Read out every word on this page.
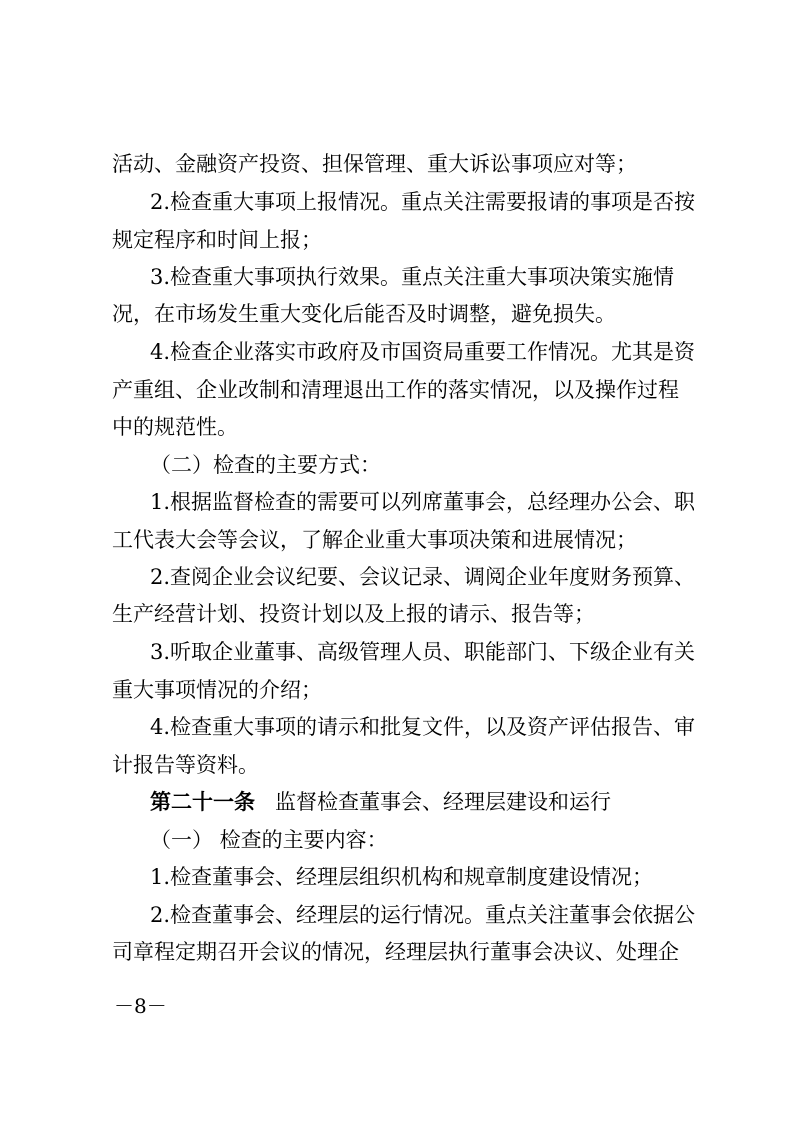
活动、金融资产投资、担保管理、重大诉讼事项应对等；
2.检查重大事项上报情况。重点关注需要报请的事项是否按
规定程序和时间上报；
3.检查重大事项执行效果。重点关注重大事项决策实施情
况，在市场发生重大变化后能否及时调整，避免损失。
4.检查企业落实市政府及市国资局重要工作情况。尤其是资
产重组、企业改制和清理退出工作的落实情况，以及操作过程
中的规范性。
（二）检查的主要方式：
1.根据监督检查的需要可以列席董事会，总经理办公会、职
工代表大会等会议，了解企业重大事项决策和进展情况；
2.查阅企业会议纪要、会议记录、调阅企业年度财务预算、
生产经营计划、投资计划以及上报的请示、报告等；
3.听取企业董事、高级管理人员、职能部门、下级企业有关
重大事项情况的介绍；
4.检查重大事项的请示和批复文件，以及资产评估报告、审
计报告等资料。
第二十一条 监督检查董事会、经理层建设和运行
（一） 检查的主要内容：
1.检查董事会、经理层组织机构和规章制度建设情况；
2.检查董事会、经理层的运行情况。重点关注董事会依据公
司章程定期召开会议的情况，经理层执行董事会决议、处理企
－8－
